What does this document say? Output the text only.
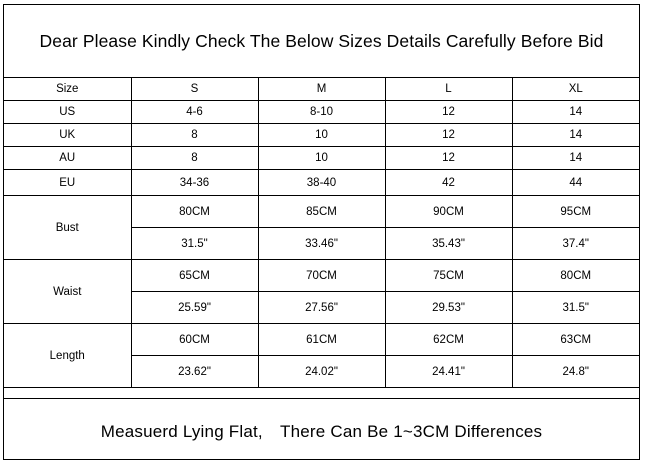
Dear Please Kindly Check The Below Sizes Details Carefully Before Bid
Size	S	M	L	XL
US	4-6	8-10	12	14
UK	8	10	12	14
AU	8	10	12	14
EU	34-36	38-40	42	44
Bust	80CM	85CM	90CM	95CM
	31.5"	33.46"	35.43"	37.4"
Waist	65CM	70CM	75CM	80CM
	25.59"	27.56"	29.53"	31.5"
Length	60CM	61CM	62CM	63CM
	23.62"	24.02"	24.41"	24.8"
Measuerd Lying Flat,　There Can Be 1~3CM Differences
